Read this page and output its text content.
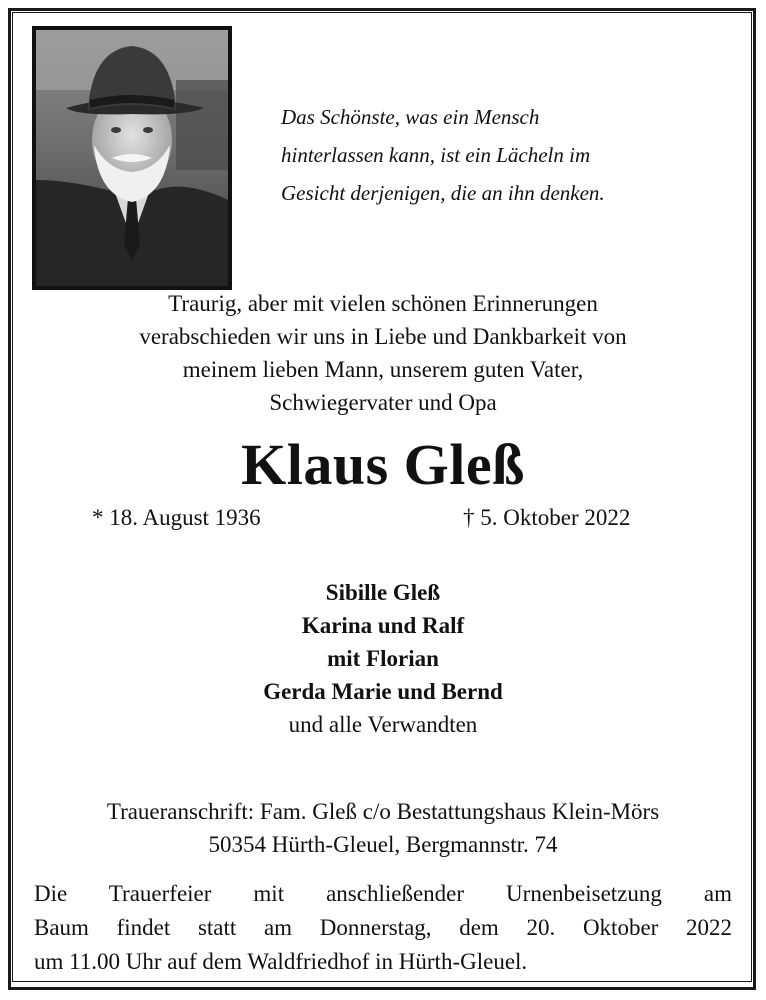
Das Schönste, was ein Mensch
hinterlassen kann, ist ein Lächeln im
Gesicht derjenigen, die an ihn denken.
Traurig, aber mit vielen schönen Erinnerungen
verabschieden wir uns in Liebe und Dankbarkeit von
meinem lieben Mann, unserem guten Vater,
Schwiegervater und Opa
Klaus Gleß
* 18. August 1936	† 5. Oktober 2022
Sibille Gleß
Karina und Ralf
mit Florian
Gerda Marie und Bernd
und alle Verwandten
Traueranschrift: Fam. Gleß c/o Bestattungshaus Klein-Mörs
50354 Hürth-Gleuel, Bergmannstr. 74
Die Trauerfeier mit anschließender Urnenbeisetzung am
Baum findet statt am Donnerstag, dem 20. Oktober 2022
um 11.00 Uhr auf dem Waldfriedhof in Hürth-Gleuel.
